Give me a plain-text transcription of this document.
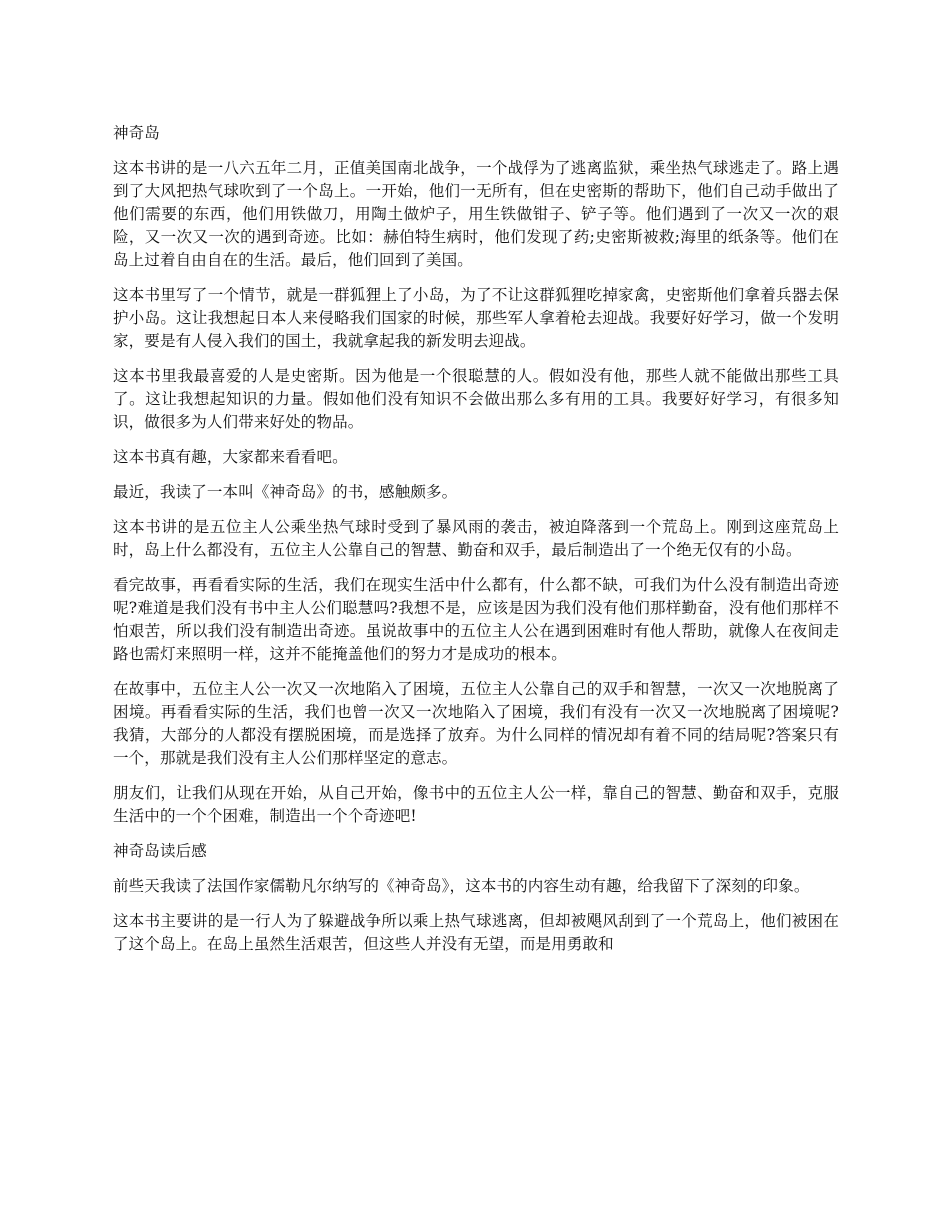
神奇岛

这本书讲的是一八六五年二月，正值美国南北战争，一个战俘为了逃离监狱，乘坐热气球逃走了。路上遇到了大风把热气球吹到了一个岛上。一开始，他们一无所有，但在史密斯的帮助下，他们自己动手做出了他们需要的东西，他们用铁做刀，用陶土做炉子，用生铁做钳子、铲子等。他们遇到了一次又一次的艰险，又一次又一次的遇到奇迹。比如：赫伯特生病时，他们发现了药;史密斯被救;海里的纸条等。他们在岛上过着自由自在的生活。最后，他们回到了美国。

这本书里写了一个情节，就是一群狐狸上了小岛，为了不让这群狐狸吃掉家禽，史密斯他们拿着兵器去保护小岛。这让我想起日本人来侵略我们国家的时候，那些军人拿着枪去迎战。我要好好学习，做一个发明家，要是有人侵入我们的国土，我就拿起我的新发明去迎战。

这本书里我最喜爱的人是史密斯。因为他是一个很聪慧的人。假如没有他，那些人就不能做出那些工具了。这让我想起知识的力量。假如他们没有知识不会做出那么多有用的工具。我要好好学习，有很多知识，做很多为人们带来好处的物品。

这本书真有趣，大家都来看看吧。

最近，我读了一本叫《神奇岛》的书，感触颇多。

这本书讲的是五位主人公乘坐热气球时受到了暴风雨的袭击，被迫降落到一个荒岛上。刚到这座荒岛上时，岛上什么都没有，五位主人公靠自己的智慧、勤奋和双手，最后制造出了一个绝无仅有的小岛。

看完故事，再看看实际的生活，我们在现实生活中什么都有，什么都不缺，可我们为什么没有制造出奇迹呢?难道是我们没有书中主人公们聪慧吗?我想不是，应该是因为我们没有他们那样勤奋，没有他们那样不怕艰苦，所以我们没有制造出奇迹。虽说故事中的五位主人公在遇到困难时有他人帮助，就像人在夜间走路也需灯来照明一样，这并不能掩盖他们的努力才是成功的根本。

在故事中，五位主人公一次又一次地陷入了困境，五位主人公靠自己的双手和智慧，一次又一次地脱离了困境。再看看实际的生活，我们也曾一次又一次地陷入了困境，我们有没有一次又一次地脱离了困境呢?我猜，大部分的人都没有摆脱困境，而是选择了放弃。为什么同样的情况却有着不同的结局呢?答案只有一个，那就是我们没有主人公们那样坚定的意志。

朋友们，让我们从现在开始，从自己开始，像书中的五位主人公一样，靠自己的智慧、勤奋和双手，克服生活中的一个个困难，制造出一个个奇迹吧!

神奇岛读后感

前些天我读了法国作家儒勒凡尔纳写的《神奇岛》，这本书的内容生动有趣，给我留下了深刻的印象。

这本书主要讲的是一行人为了躲避战争所以乘上热气球逃离，但却被飓风刮到了一个荒岛上，他们被困在了这个岛上。在岛上虽然生活艰苦，但这些人并没有无望，而是用勇敢和
